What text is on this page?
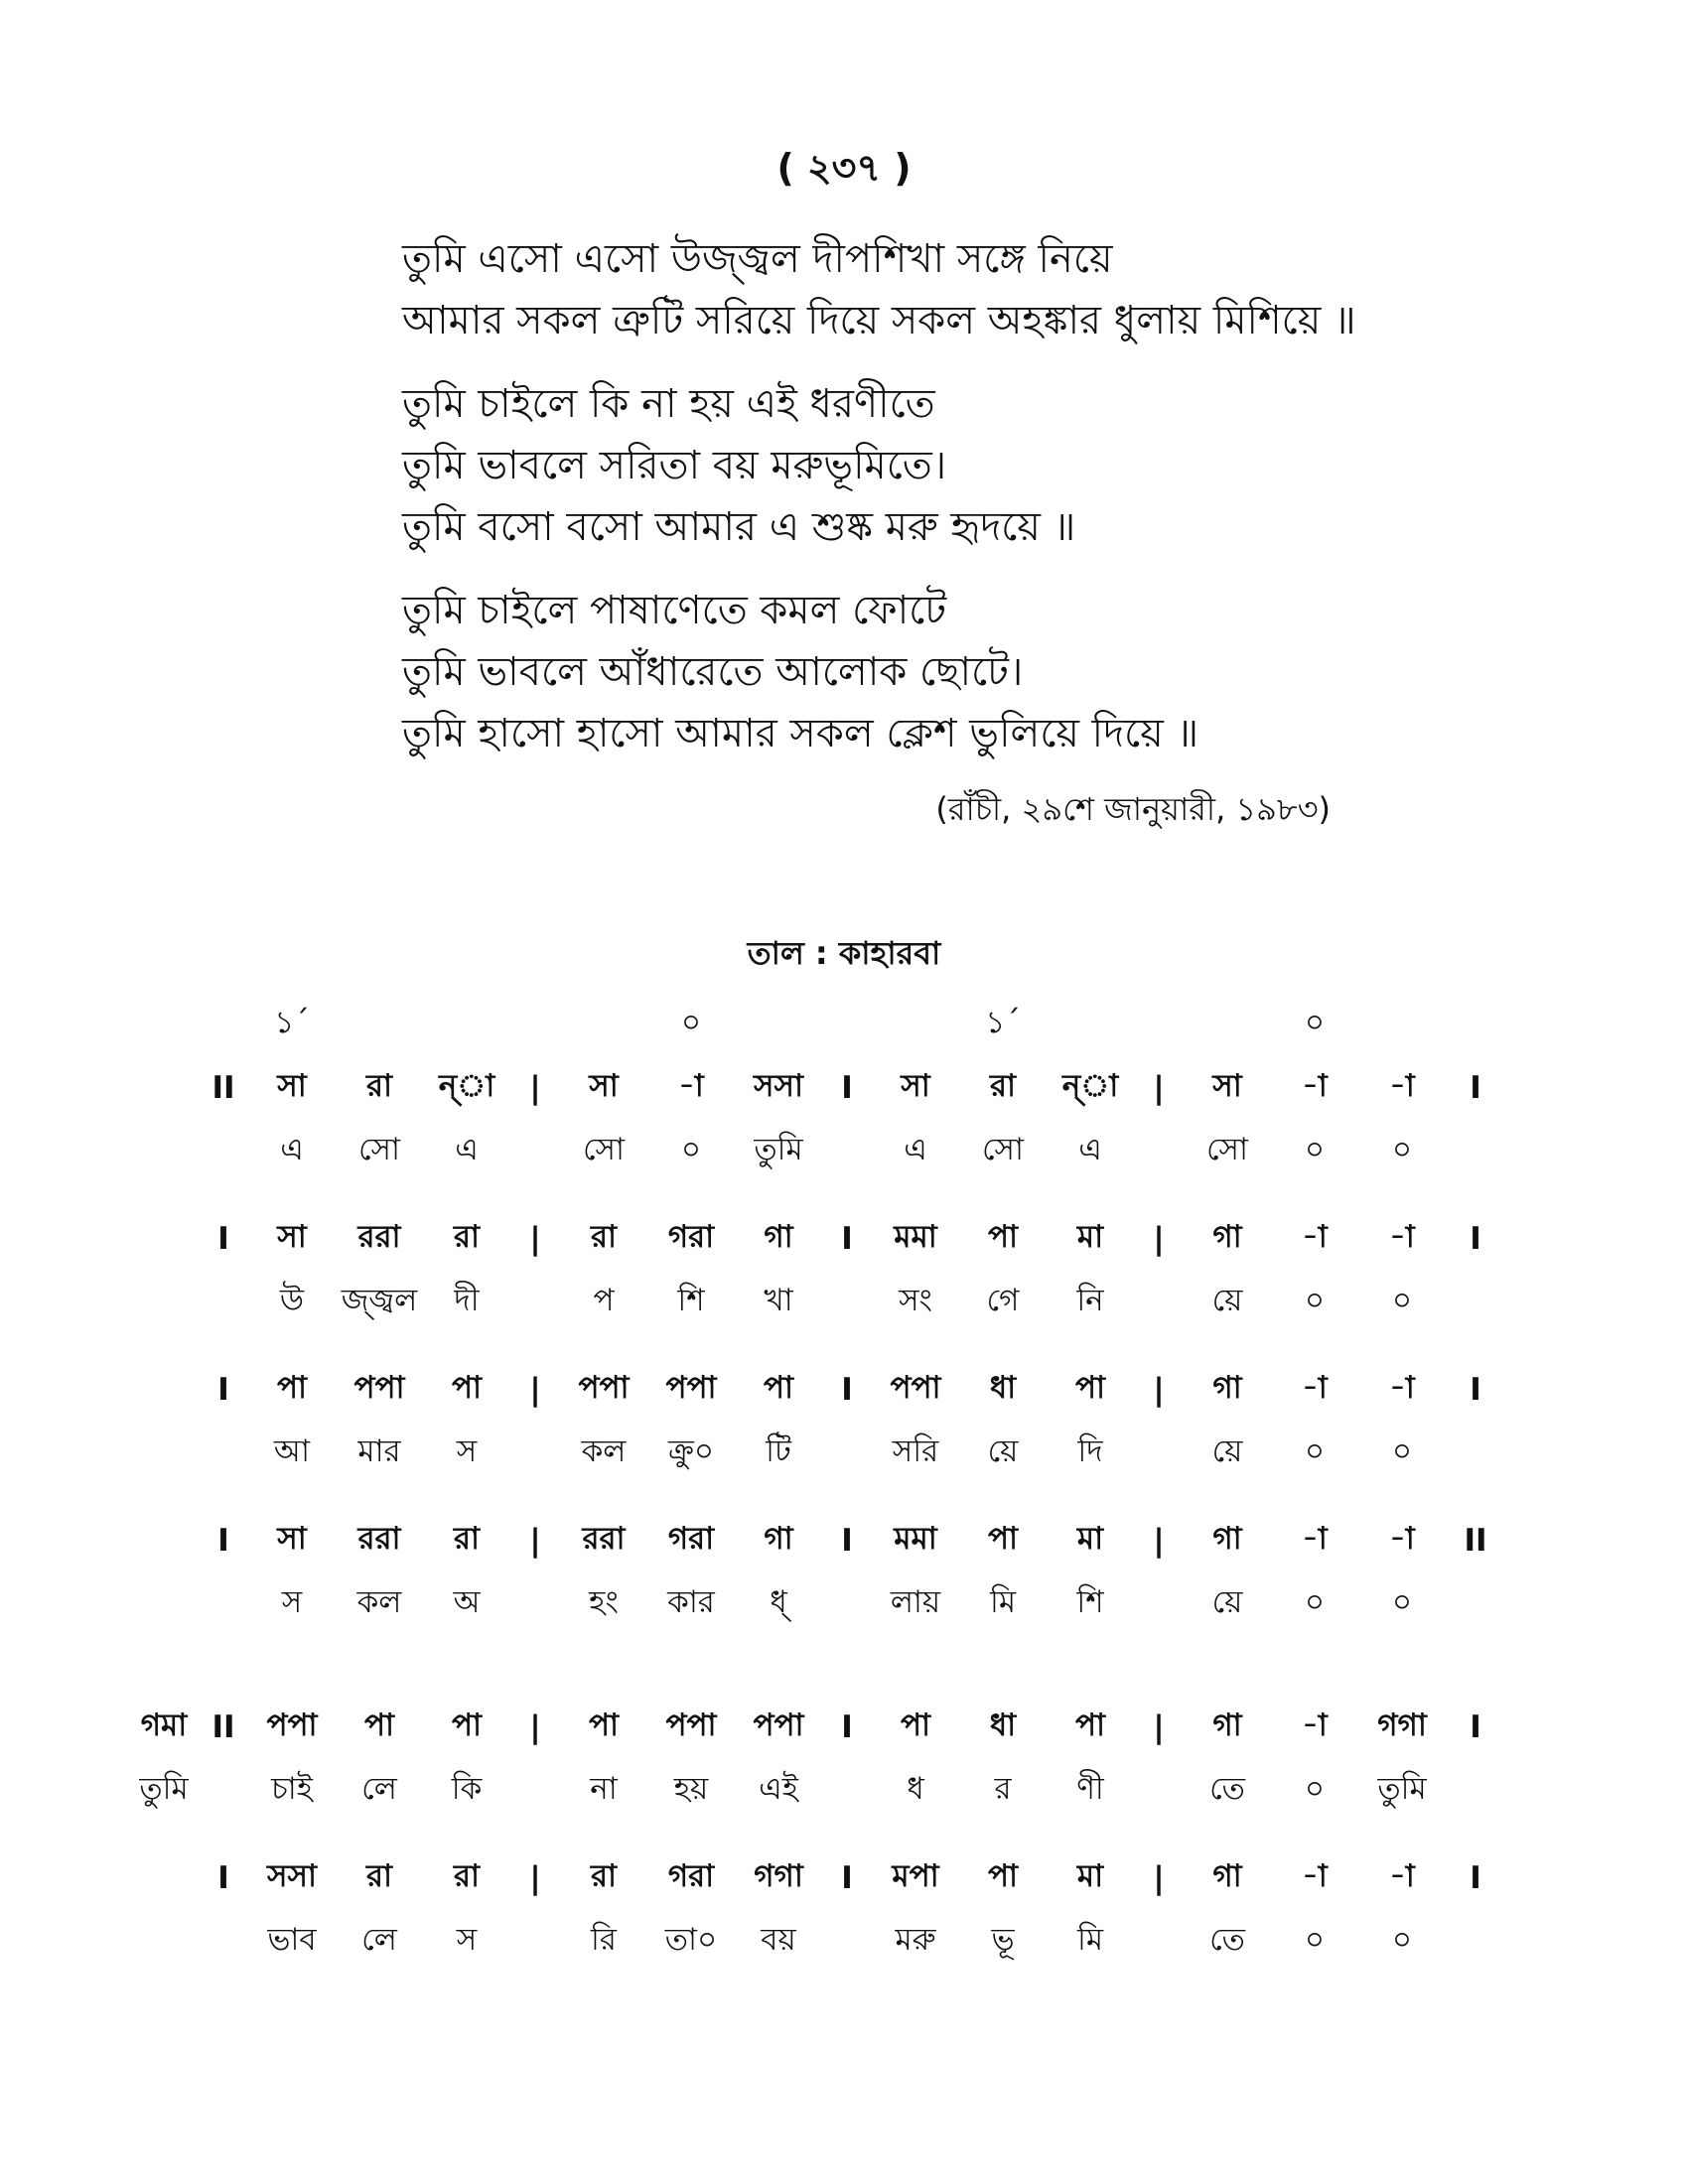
( ২৩৭ )
তুমি এসো এসো উজ্জ্বল দীপশিখা সঙ্গে নিয়ে
আমার সকল ত্রুটি সরিয়ে দিয়ে সকল অহঙ্কার ধুলায় মিশিয়ে ॥
তুমি চাইলে কি না হয় এই ধরণীতে
তুমি ভাবলে সরিতা বয় মরুভূমিতে।
তুমি বসো বসো আমার এ শুষ্ক মরু হৃদয়ে ॥
তুমি চাইলে পাষাণেতে কমল ফোটে
তুমি ভাবলে আঁধারেতে আলোক ছোটে।
তুমি হাসো হাসো আমার সকল ক্লেশ ভুলিয়ে দিয়ে ॥
(রাঁচী, ২৯শে জানুয়ারী, ১৯৮৩)
তাল : কাহারবা
১´	০	১´	০
II	সা	রা	ন্‌া	|	সা	-া	সসা	I	সা	রা	ন্‌া	|	সা	-া	-া	I
এ	সো	এ	সো	০	তুমি	এ	সো	এ	সো	০	০
I	সা	ররা	রা	|	রা	গরা	গা	I	মমা	পা	মা	|	গা	-া	-া	I
উ	জ্জ্বল	দী	প	শি	খা	সং	গে	নি	য়ে	০	০
I	পা	পপা	পা	|	পপা	পপা	পা	I	পপা	ধা	পা	|	গা	-া	-া	I
আ	মার	স	কল	ক্রু০	টি	সরি	য়ে	দি	য়ে	০	০
I	সা	ররা	রা	|	ররা	গরা	গা	I	মমা	পা	মা	|	গা	-া	-া	II
স	কল	অ	হং	কার	ধ্	লায়	মি	শি	য়ে	০	০
গমা II	পপা	পা	পা	|	পা	পপা	পপা	I	পা	ধা	পা	|	গা	-া	গগা	I
তুমি	চাই	লে	কি	না	হয়	এই	ধ	র	ণী	তে	০	তুমি
I	সসা	রা	রা	|	রা	গরা	গগা	I	মপা	পা	মা	|	গা	-া	-া	I
ভাব	লে	স	রি	তা০	বয়	মরু	ভূ	মি	তে	০	০
